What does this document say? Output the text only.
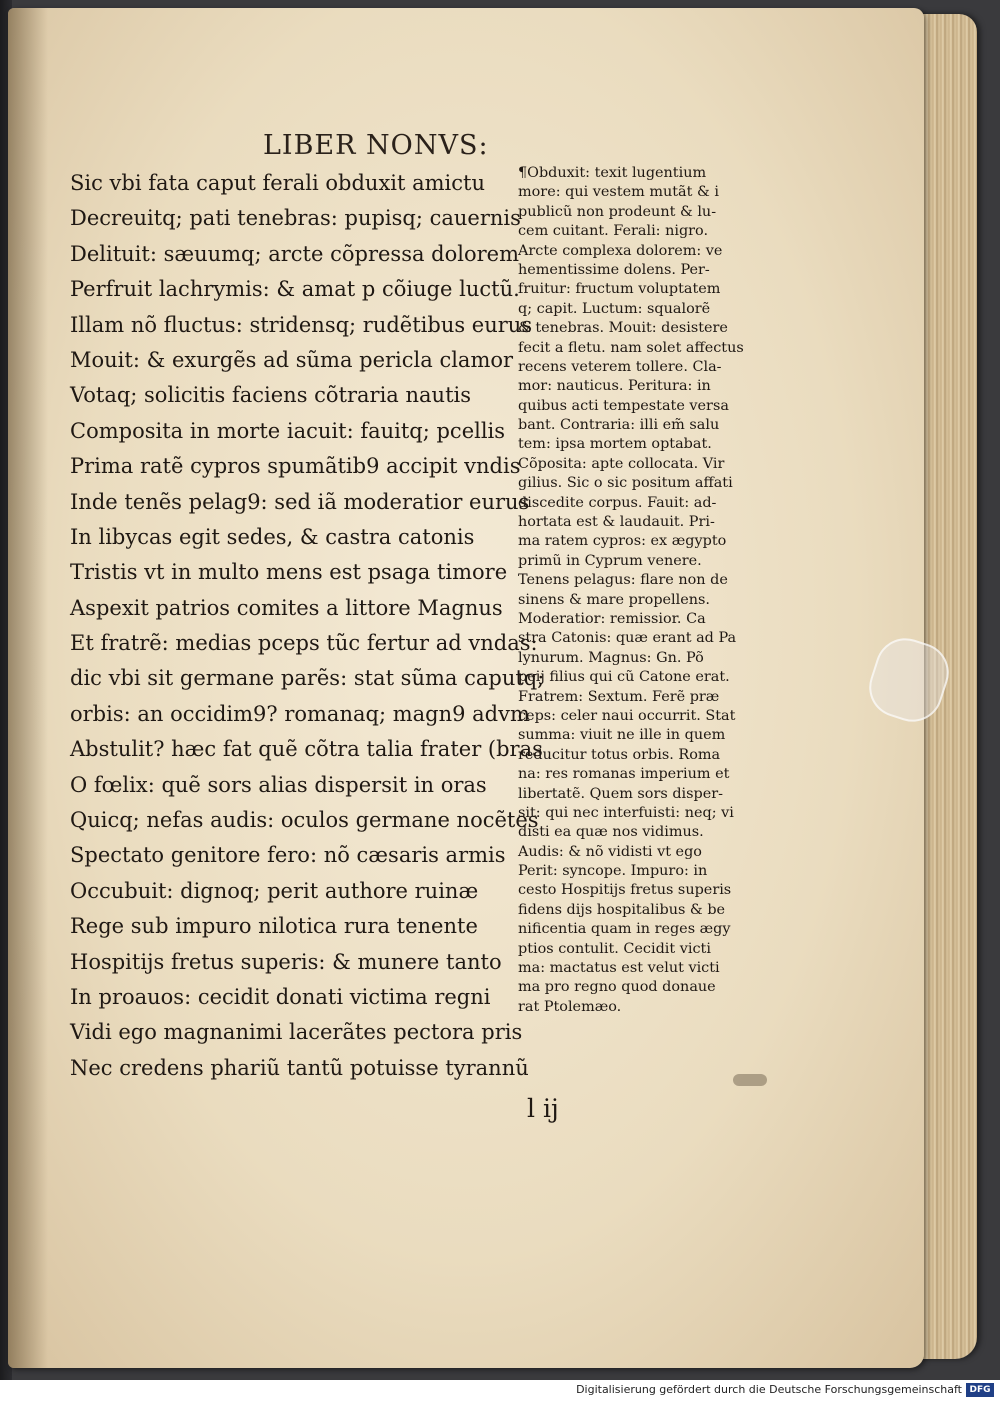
LIBER NONVS:
Sic vbi fata caput ferali obduxit amictu
Decreuitq; pati tenebras: pupisq; cauernis
Delituit: sæuumq; arcte cõpressa dolorem
Perfruit lachrymis: & amat p cõiuge luctũ.
Illam nõ fluctus: stridensq; rudẽtibus eurus
Mouit: & exurgẽs ad sũma pericla clamor
Votaq; solicitis faciens cõtraria nautis
Composita in morte iacuit: fauitq; pcellis
Prima ratẽ cypros spumãtib9 accipit vndis
Inde tenẽs pelag9: sed iã moderatior eurus
In libycas egit sedes, & castra catonis
Tristis vt in multo mens est psaga timore
Aspexit patrios comites a littore Magnus
Et fratrẽ: medias pceps tũc fertur ad vndas:
dic vbi sit germane parẽs: stat sũma caputq;
orbis: an occidim9? romanaq; magn9 advm
Abstulit? hæc fat quẽ cõtra talia frater (bras
O fœlix: quẽ sors alias dispersit in oras
Quicq; nefas audis: oculos germane nocẽtes
Spectato genitore fero: nõ cæsaris armis
Occubuit: dignoq; perit authore ruinæ
Rege sub impuro nilotica rura tenente
Hospitijs fretus superis: & munere tanto
In proauos: cecidit donati victima regni
Vidi ego magnanimi lacerãtes pectora pris
Nec credens phariũ tantũ potuisse tyrannũ
¶Obduxit: texit lugentium
more: qui vestem mutãt & i
publicũ non prodeunt & lu-
cem cuitant. Ferali: nigro.
Arcte complexa dolorem: ve
hementissime dolens. Per-
fruitur: fructum voluptatem
q; capit. Luctum: squalorẽ
& tenebras. Mouit: desistere
fecit a fletu. nam solet affectus
recens veterem tollere. Cla-
mor: nauticus. Peritura: in
quibus acti tempestate versa
bant. Contraria: illi em̃ salu
tem: ipsa mortem optabat.
Cõposita: apte collocata. Vir
gilius. Sic o sic positum affati
discedite corpus. Fauit: ad-
hortata est & laudauit. Pri-
ma ratem cypros: ex ægypto
primũ in Cyprum venere.
Tenens pelagus: flare non de
sinens & mare propellens.
Moderatior: remissior. Ca
stra Catonis: quæ erant ad Pa
lynurum. Magnus: Gn. Põ
peij filius qui cũ Catone erat.
Fratrem: Sextum. Ferẽ præ
ceps: celer naui occurrit. Stat
summa: viuit ne ille in quem
reducitur totus orbis. Roma
na: res romanas imperium et
libertatẽ. Quem sors disper-
sit: qui nec interfuisti: neq; vi
disti ea quæ nos vidimus.
Audis: & nõ vidisti vt ego
Perit: syncope. Impuro: in
cesto Hospitijs fretus superis
fidens dijs hospitalibus & be
nificentia quam in reges ægy
ptios contulit. Cecidit victi
ma: mactatus est velut victi
ma pro regno quod donaue
rat Ptolemæo.
l ij
Digitalisierung gefördert durch die Deutsche Forschungsgemeinschaft DFG
